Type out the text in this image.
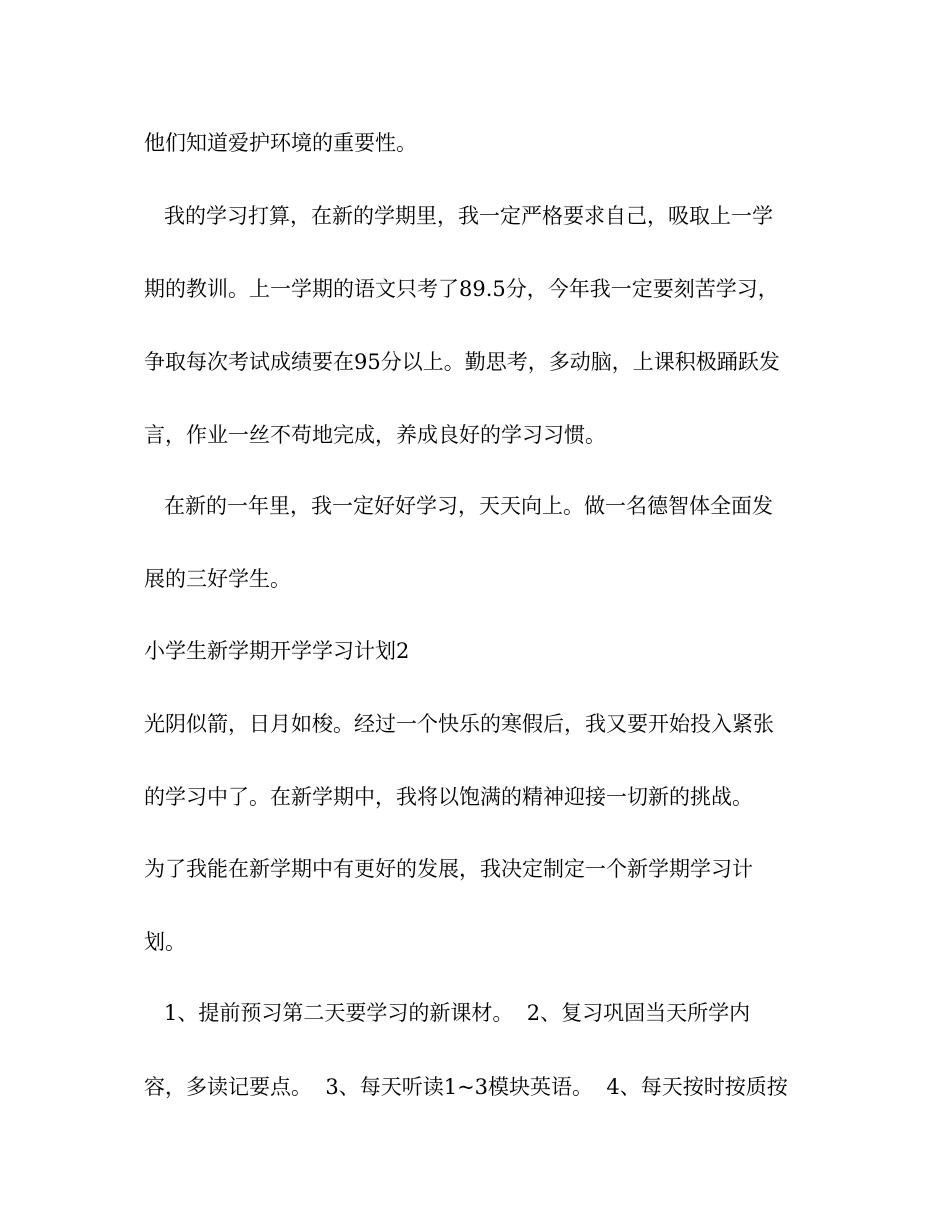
他们知道爱护环境的重要性。
我的学习打算，在新的学期里，我一定严格要求自己，吸取上一学
期的教训。上一学期的语文只考了89.5分，今年我一定要刻苦学习，
争取每次考试成绩要在95分以上。勤思考，多动脑，上课积极踊跃发
言，作业一丝不苟地完成，养成良好的学习习惯。
在新的一年里，我一定好好学习，天天向上。做一名德智体全面发
展的三好学生。
小学生新学期开学学习计划2
光阴似箭，日月如梭。经过一个快乐的寒假后，我又要开始投入紧张
的学习中了。在新学期中，我将以饱满的精神迎接一切新的挑战。
为了我能在新学期中有更好的发展，我决定制定一个新学期学习计
划。
1、提前预习第二天要学习的新课材。  2、复习巩固当天所学内
容，多读记要点。  3、每天听读1~3模块英语。  4、每天按时按质按
